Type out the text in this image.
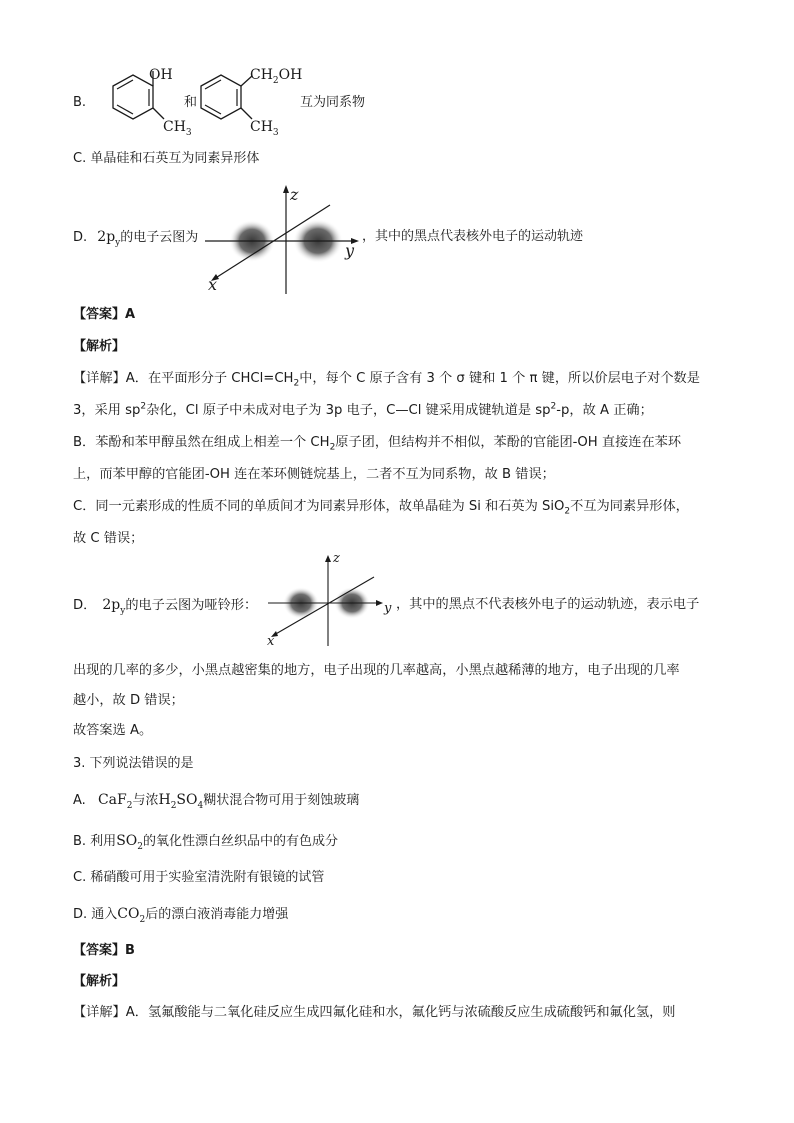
B.
OH
$CH_3$
和
$CH_2OH$
$CH_3$
互为同系物
C. 单晶硅和石英互为同素异形体
D. $2p_y$的电子云图为
z
y
x
，其中的黑点代表核外电子的运动轨迹
【答案】A
【解析】
【详解】A．在平面形分子 $CHCl=CH_2$中，每个 C 原子含有 3 个 σ 键和 1 个 π 键，所以价层电子对个数是
3，采用 $sp^2$杂化，Cl 原子中未成对电子为 3p 电子，C—Cl 键采用成键轨道是 $sp^2-p$，故 A 正确；
B．苯酚和苯甲醇虽然在组成上相差一个 $CH_2$原子团，但结构并不相似，苯酚的官能团-OH 直接连在苯环
上，而苯甲醇的官能团-OH 连在苯环侧链烷基上，二者不互为同系物，故 B 错误；
C．同一元素形成的性质不同的单质间才为同素异形体，故单晶硅为 Si 和石英为 SiO$_2$不互为同素异形体，
故 C 错误；
D． $2p_y$的电子云图为哑铃形：
z
y
x
，其中的黑点不代表核外电子的运动轨迹，表示电子
出现的几率的多少，小黑点越密集的地方，电子出现的几率越高，小黑点越稀薄的地方，电子出现的几率
越小，故 D 错误；
故答案选 A。
3. 下列说法错误的是
A. CaF$_2$与浓$H_2SO_4$糊状混合物可用于刻蚀玻璃
B. 利用$SO_2$的氧化性漂白丝织品中的有色成分
C. 稀硝酸可用于实验室清洗附有银镜的试管
D. 通入$CO_2$后的漂白液消毒能力增强
【答案】B
【解析】
【详解】A．氢氟酸能与二氧化硅反应生成四氟化硅和水，氟化钙与浓硫酸反应生成硫酸钙和氟化氢，则
